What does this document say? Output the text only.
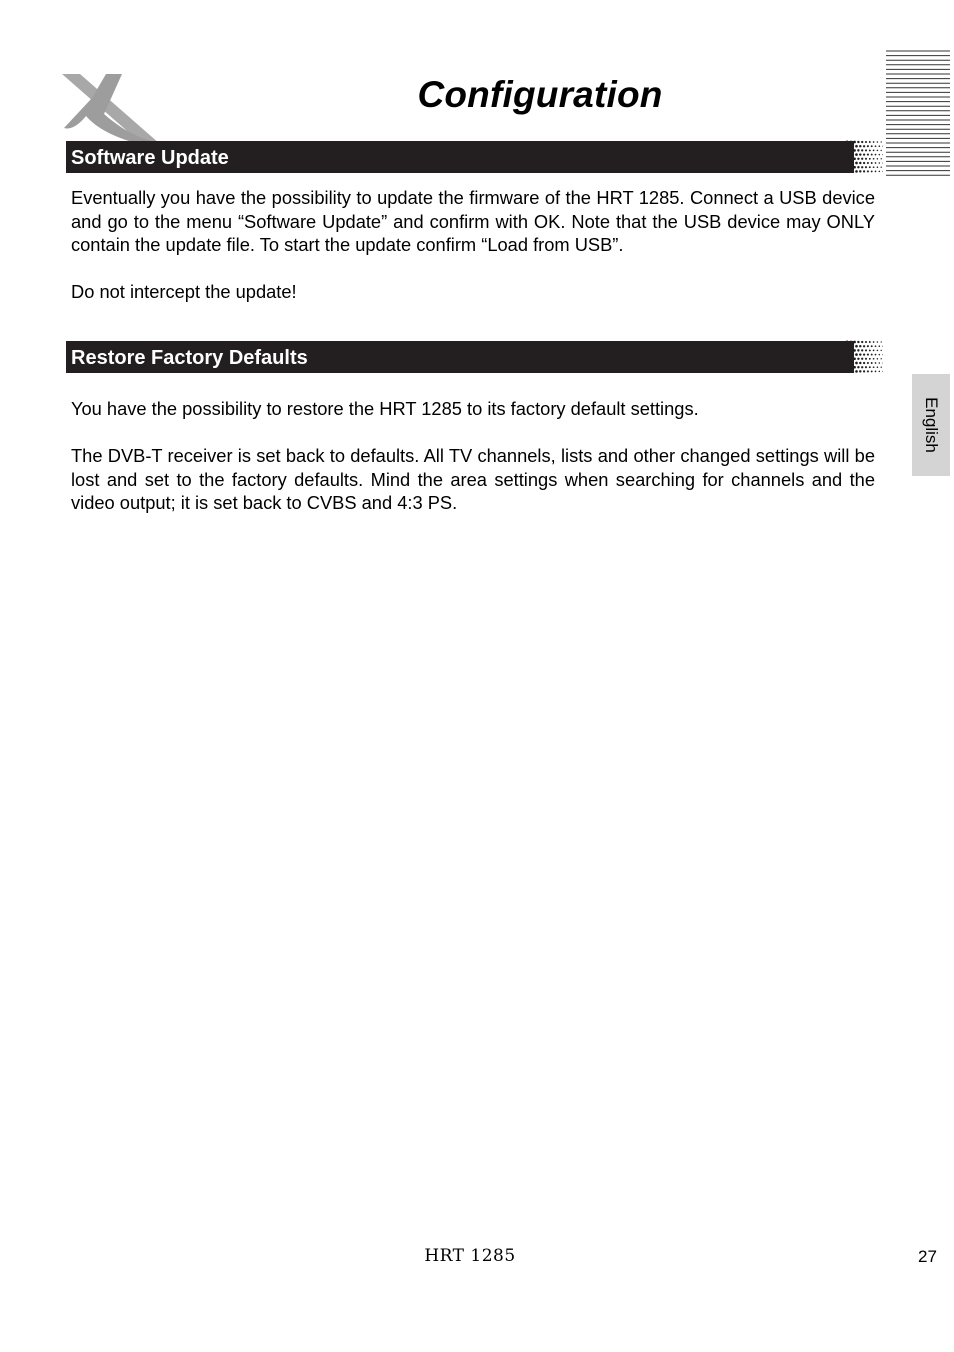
Configuration
Software Update

Eventually you have the possibility to update the firmware of the HRT 1285. Connect a USB device and go to the menu “Software Update” and confirm with OK. Note that the USB device may ONLY contain the update file. To start the update confirm “Load from USB”.

Do not intercept the update!

Restore Factory Defaults

You have the possibility to restore the HRT 1285 to its factory default settings.

The DVB-T receiver is set back to defaults. All TV channels, lists and other changed settings will be lost and set to the factory defaults. Mind the area settings when searching for channels and the video output; it is set back to CVBS and 4:3 PS.

English
HRT 1285	27
